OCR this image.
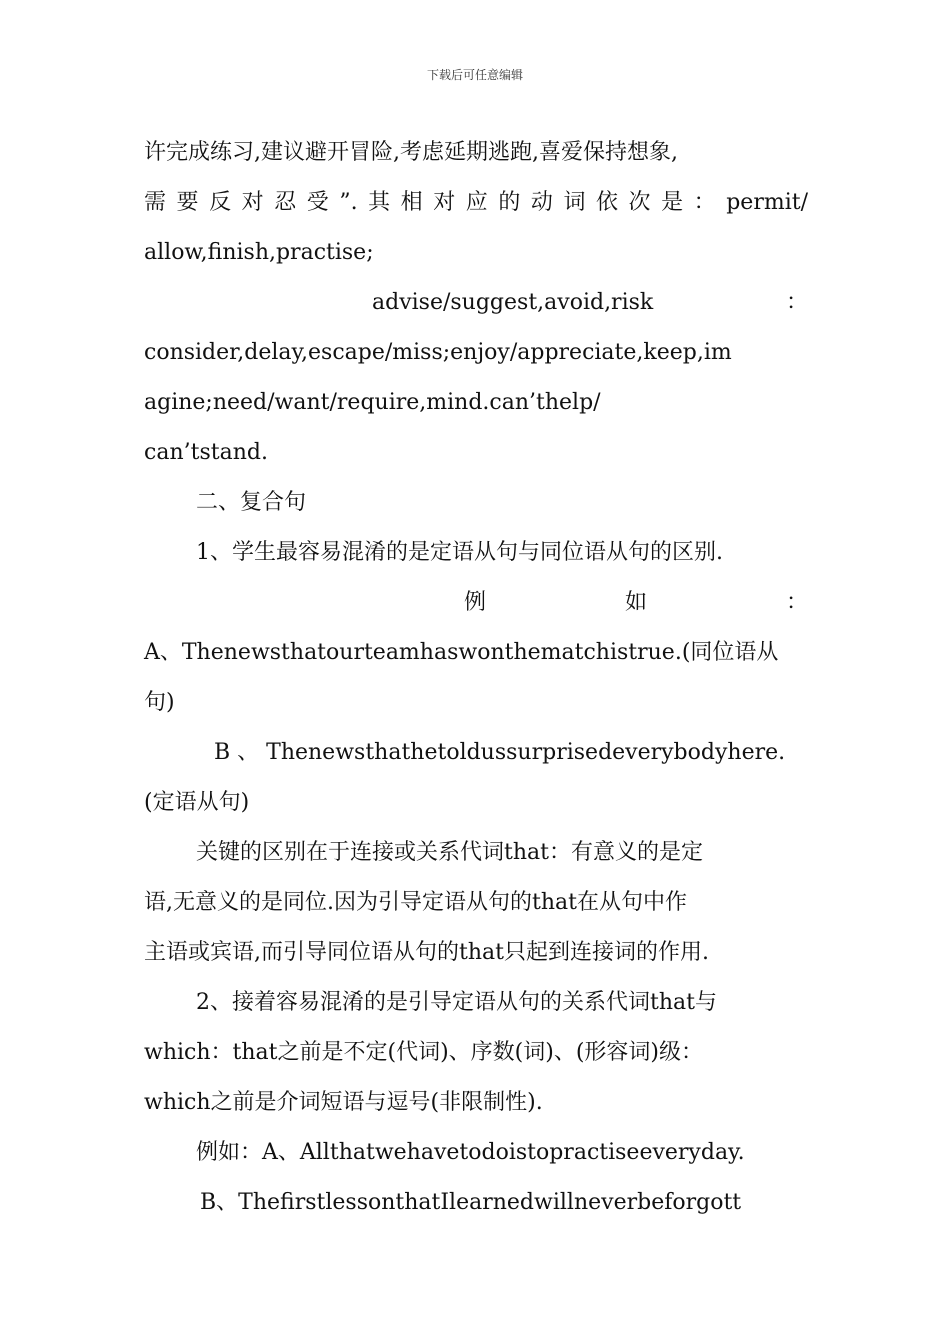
下载后可任意编辑
许完成练习,建议避开冒险,考虑延期逃跑,喜爱保持想象,
需要反对忍受”.其相对应的动词依次是：permit/
allow,finish,practise;
advise/suggest,avoid,risk	：
consider,delay,escape/miss;enjoy/appreciate,keep,im
agine;need/want/require,mind.can’thelp/
can’tstand.
二、复合句
1、学生最容易混淆的是定语从句与同位语从句的区别.
例	如	：
A、Thenewsthatourteamhaswonthematchistrue.(同位语从
句)
B 、 Thenewsthathetoldussurprisedeverybodyhere.
(定语从句)
关键的区别在于连接或关系代词that：有意义的是定
语,无意义的是同位.因为引导定语从句的that在从句中作
主语或宾语,而引导同位语从句的that只起到连接词的作用.
2、接着容易混淆的是引导定语从句的关系代词that与
which：that之前是不定(代词)、序数(词)、(形容词)级：
which之前是介词短语与逗号(非限制性).
例如：A、Allthatwehavetodoistopractiseeveryday.
B、ThefirstlessonthatIlearnedwillneverbeforgott
